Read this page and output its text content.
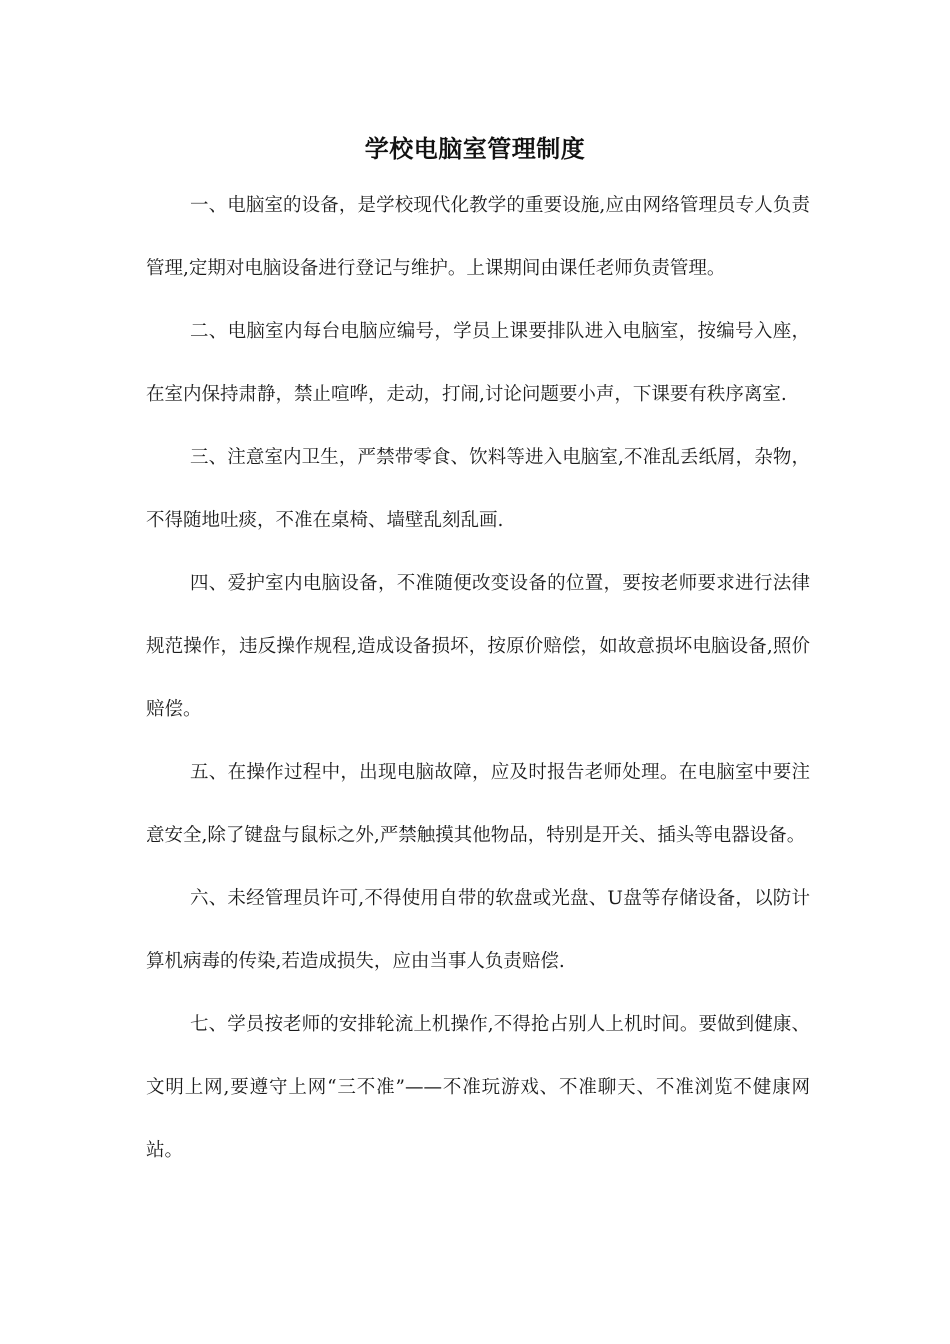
学校电脑室管理制度

一、电脑室的设备，是学校现代化教学的重要设施,应由网络管理员专人负责管理,定期对电脑设备进行登记与维护。上课期间由课任老师负责管理。

二、电脑室内每台电脑应编号，学员上课要排队进入电脑室，按编号入座，在室内保持肃静，禁止喧哗，走动，打闹,讨论问题要小声，下课要有秩序离室.

三、注意室内卫生，严禁带零食、饮料等进入电脑室,不准乱丢纸屑，杂物，不得随地吐痰，不准在桌椅、墙壁乱刻乱画.

四、爱护室内电脑设备，不准随便改变设备的位置，要按老师要求进行法律规范操作，违反操作规程,造成设备损坏，按原价赔偿，如故意损坏电脑设备,照价赔偿。

五、在操作过程中，出现电脑故障，应及时报告老师处理。在电脑室中要注意安全,除了键盘与鼠标之外,严禁触摸其他物品，特别是开关、插头等电器设备。

六、未经管理员许可,不得使用自带的软盘或光盘、U盘等存储设备，以防计算机病毒的传染,若造成损失，应由当事人负责赔偿.

七、学员按老师的安排轮流上机操作,不得抢占别人上机时间。要做到健康、文明上网,要遵守上网“三不准”——不准玩游戏、不准聊天、不准浏览不健康网站。
